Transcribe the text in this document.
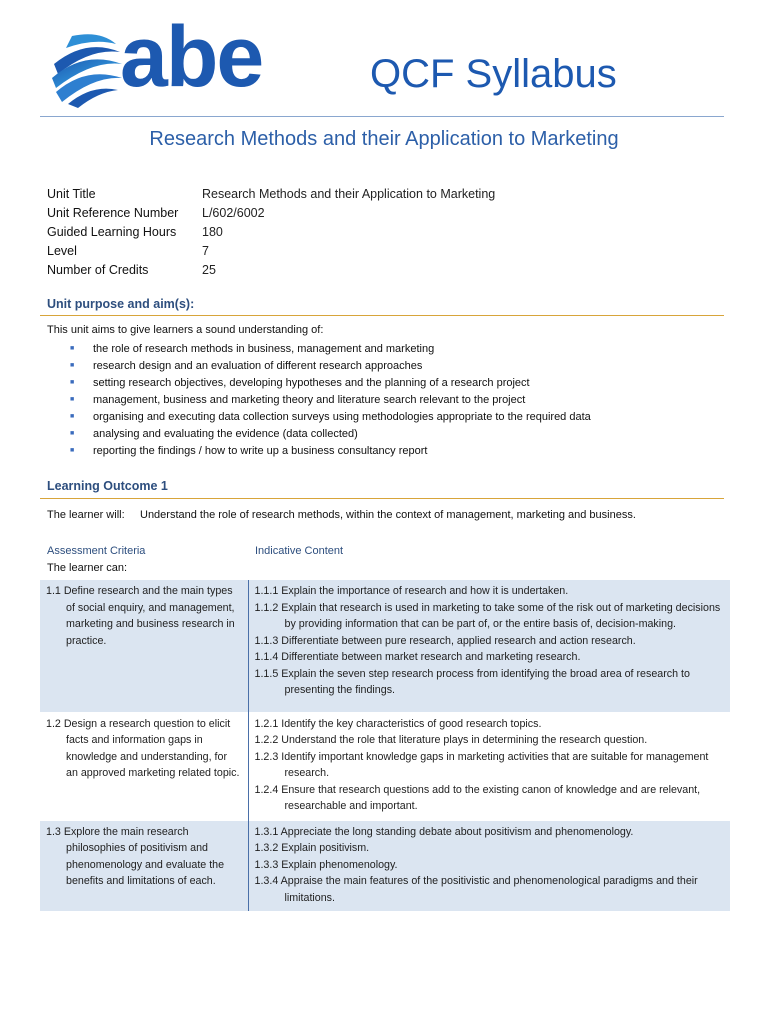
abe	QCF Syllabus
Research Methods and their Application to Marketing
Unit Title	Research Methods and their Application to Marketing
Unit Reference Number	L/602/6002
Guided Learning Hours	180
Level	7
Number of Credits	25
Unit purpose and aim(s):
This unit aims to give learners a sound understanding of:
■	the role of research methods in business, management and marketing
■	research design and an evaluation of different research approaches
■	setting research objectives, developing hypotheses and the planning of a research project
■	management, business and marketing theory and literature search relevant to the project
■	organising and executing data collection surveys using methodologies appropriate to the required data
■	analysing and evaluating the evidence (data collected)
■	reporting the findings / how to write up a business consultancy report
Learning Outcome 1
The learner will:	Understand the role of research methods, within the context of management, marketing and business.
Assessment Criteria	Indicative Content
The learner can:
1.1 Define research and the main types of social enquiry, and management, marketing and business research in practice.	1.1.1 Explain the importance of research and how it is undertaken.
1.1.2 Explain that research is used in marketing to take some of the risk out of marketing decisions by providing information that can be part of, or the entire basis of, decision-making.
1.1.3 Differentiate between pure research, applied research and action research.
1.1.4 Differentiate between market research and marketing research.
1.1.5 Explain the seven step research process from identifying the broad area of research to presenting the findings.

1.2 Design a research question to elicit facts and information gaps in knowledge and understanding, for an approved marketing related topic.	1.2.1 Identify the key characteristics of good research topics.
1.2.2 Understand the role that literature plays in determining the research question.
1.2.3 Identify important knowledge gaps in marketing activities that are suitable for management research.
1.2.4 Ensure that research questions add to the existing canon of knowledge and are relevant, researchable and important.

1.3 Explore the main research philosophies of positivism and phenomenology and evaluate the benefits and limitations of each.	1.3.1 Appreciate the long standing debate about positivism and phenomenology.
1.3.2 Explain positivism.
1.3.3 Explain phenomenology.
1.3.4 Appraise the main features of the positivistic and phenomenological paradigms and their limitations.
